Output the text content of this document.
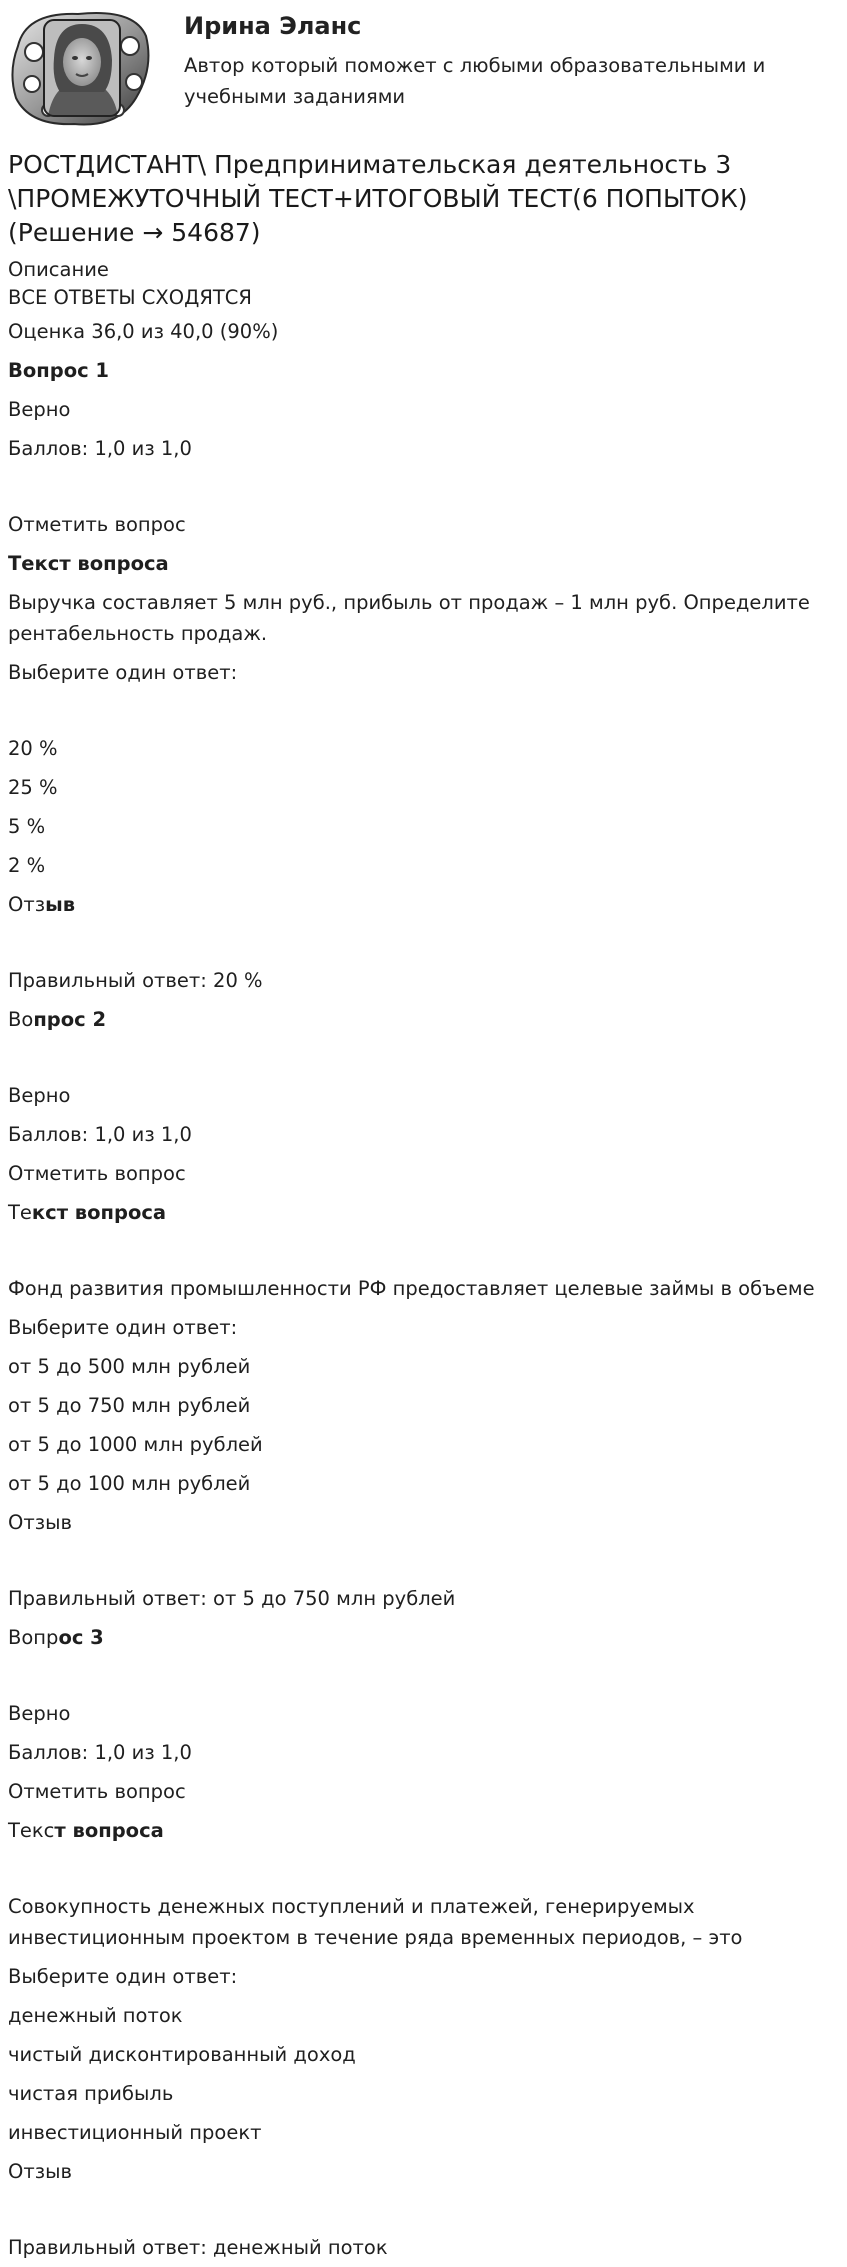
Ирина Эланс
Автор который поможет с любыми образовательными и учебными заданиями
РОСТДИСТАНТ\ Предпринимательская деятельность 3 \ПРОМЕЖУТОЧНЫЙ ТЕСТ+ИТОГОВЫЙ ТЕСТ(6 ПОПЫТОК) (Решение → 54687)

Описание

ВСЕ ОТВЕТЫ СХОДЯТСЯ

Оценка 36,0 из 40,0 (90%)

Вопрос 1

Верно

Баллов: 1,0 из 1,0

Отметить вопрос

Текст вопроса

Выручка составляет 5 млн руб., прибыль от продаж – 1 млн руб. Определите рентабельность продаж.

Выберите один ответ:

20 %

25 %

5 %

2 %

Отзыв

Правильный ответ: 20 %

Вопрос 2

Верно

Баллов: 1,0 из 1,0

Отметить вопрос

Текст вопроса

Фонд развития промышленности РФ предоставляет целевые займы в объеме

Выберите один ответ:

от 5 до 500 млн рублей

от 5 до 750 млн рублей

от 5 до 1000 млн рублей

от 5 до 100 млн рублей

Отзыв

Правильный ответ: от 5 до 750 млн рублей

Вопрос 3

Верно

Баллов: 1,0 из 1,0

Отметить вопрос

Текст вопроса

Совокупность денежных поступлений и платежей, генерируемых инвестиционным проектом в течение ряда временных периодов, – это

Выберите один ответ:

денежный поток

чистый дисконтированный доход

чистая прибыль

инвестиционный проект

Отзыв

Правильный ответ: денежный поток
